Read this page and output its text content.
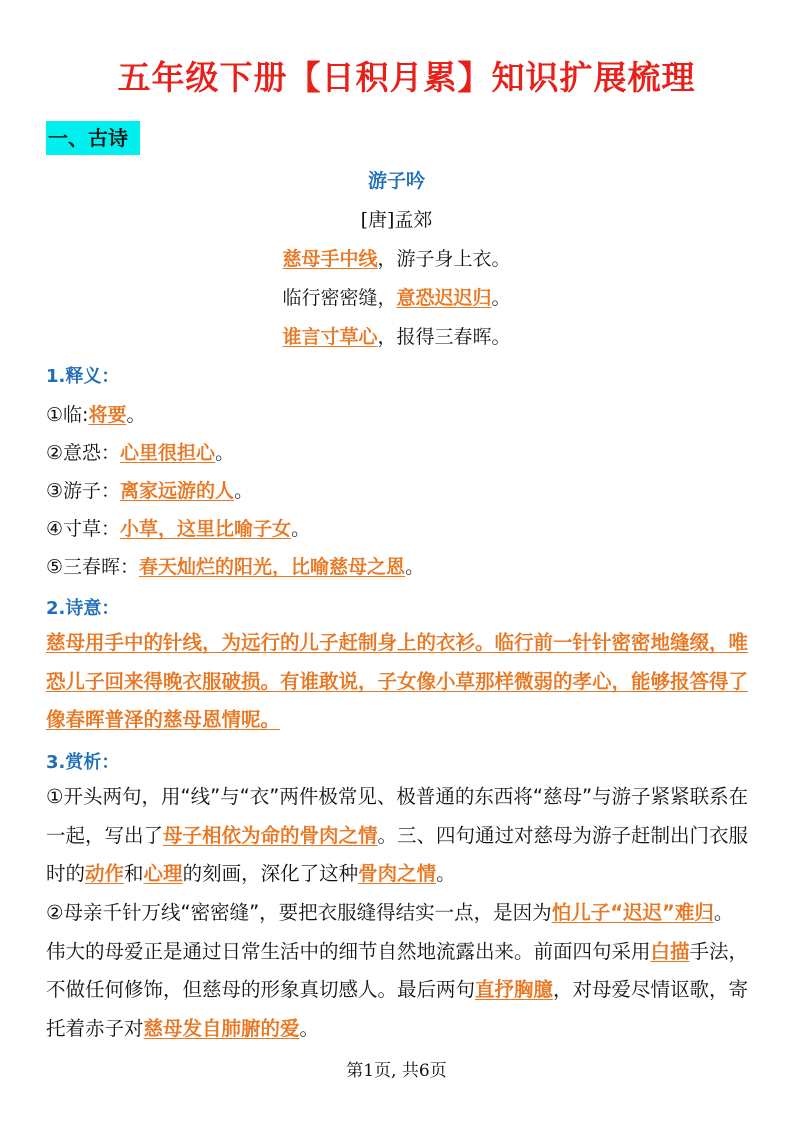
五年级下册【日积月累】知识扩展梳理
一、古诗
游子吟
[唐]孟郊
慈母手中线，游子身上衣。
临行密密缝，意恐迟迟归。
谁言寸草心，报得三春晖。
1.释义：
①临:将要。
②意恐：心里很担心。
③游子：离家远游的人。
④寸草：小草，这里比喻子女。
⑤三春晖：春天灿烂的阳光，比喻慈母之恩。
2.诗意：
慈母用手中的针线，为远行的儿子赶制身上的衣衫。临行前一针针密密地缝缀，唯恐儿子回来得晚衣服破损。有谁敢说，子女像小草那样微弱的孝心，能够报答得了像春晖普泽的慈母恩情呢。
3.赏析：
①开头两句，用“线”与“衣”两件极常见、极普通的东西将“慈母”与游子紧紧联系在一起，写出了母子相依为命的骨肉之情。三、四句通过对慈母为游子赶制出门衣服时的动作和心理的刻画，深化了这种骨肉之情。
②母亲千针万线“密密缝”，要把衣服缝得结实一点，是因为怕儿子“迟迟”难归。伟大的母爱正是通过日常生活中的细节自然地流露出来。前面四句采用白描手法，不做任何修饰，但慈母的形象真切感人。最后两句直抒胸臆，对母爱尽情讴歌，寄托着赤子对慈母发自肺腑的爱。
第1页, 共6页
